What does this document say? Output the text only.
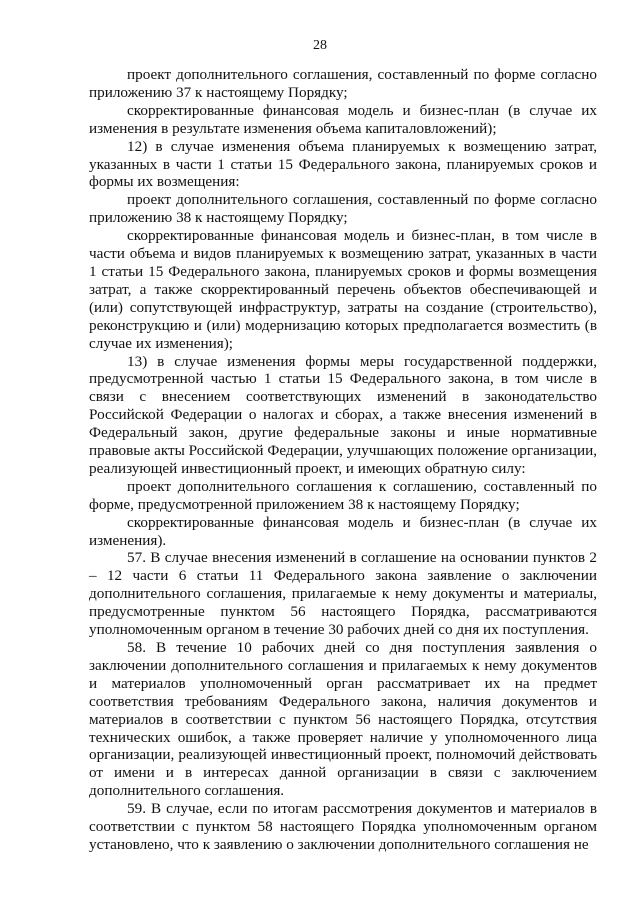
28

проект дополнительного соглашения, составленный по форме согласно приложению 37 к настоящему Порядку;

скорректированные финансовая модель и бизнес-план (в случае их изменения в результате изменения объема капиталовложений);

12) в случае изменения объема планируемых к возмещению затрат, указанных в части 1 статьи 15 Федерального закона, планируемых сроков и формы их возмещения:

проект дополнительного соглашения, составленный по форме согласно приложению 38 к настоящему Порядку;

скорректированные финансовая модель и бизнес-план, в том числе в части объема и видов планируемых к возмещению затрат, указанных в части 1 статьи 15 Федерального закона, планируемых сроков и формы возмещения затрат, а также скорректированный перечень объектов обеспечивающей и (или) сопутствующей инфраструктур, затраты на создание (строительство), реконструкцию и (или) модернизацию которых предполагается возместить (в случае их изменения);

13) в случае изменения формы меры государственной поддержки, предусмотренной частью 1 статьи 15 Федерального закона, в том числе в связи с внесением соответствующих изменений в законодательство Российской Федерации о налогах и сборах, а также внесения изменений в Федеральный закон, другие федеральные законы и иные нормативные правовые акты Российской Федерации, улучшающих положение организации, реализующей инвестиционный проект, и имеющих обратную силу:

проект дополнительного соглашения к соглашению, составленный по форме, предусмотренной приложением 38 к настоящему Порядку;

скорректированные финансовая модель и бизнес-план (в случае их изменения).

57. В случае внесения изменений в соглашение на основании пунктов 2 – 12 части 6 статьи 11 Федерального закона заявление о заключении дополнительного соглашения, прилагаемые к нему документы и материалы, предусмотренные пунктом 56 настоящего Порядка, рассматриваются уполномоченным органом в течение 30 рабочих дней со дня их поступления.

58. В течение 10 рабочих дней со дня поступления заявления о заключении дополнительного соглашения и прилагаемых к нему документов и материалов уполномоченный орган рассматривает их на предмет соответствия требованиям Федерального закона, наличия документов и материалов в соответствии с пунктом 56 настоящего Порядка, отсутствия технических ошибок, а также проверяет наличие у уполномоченного лица организации, реализующей инвестиционный проект, полномочий действовать от имени и в интересах данной организации в связи с заключением дополнительного соглашения.

59. В случае, если по итогам рассмотрения документов и материалов в соответствии с пунктом 58 настоящего Порядка уполномоченным органом установлено, что к заявлению о заключении дополнительного соглашения не
